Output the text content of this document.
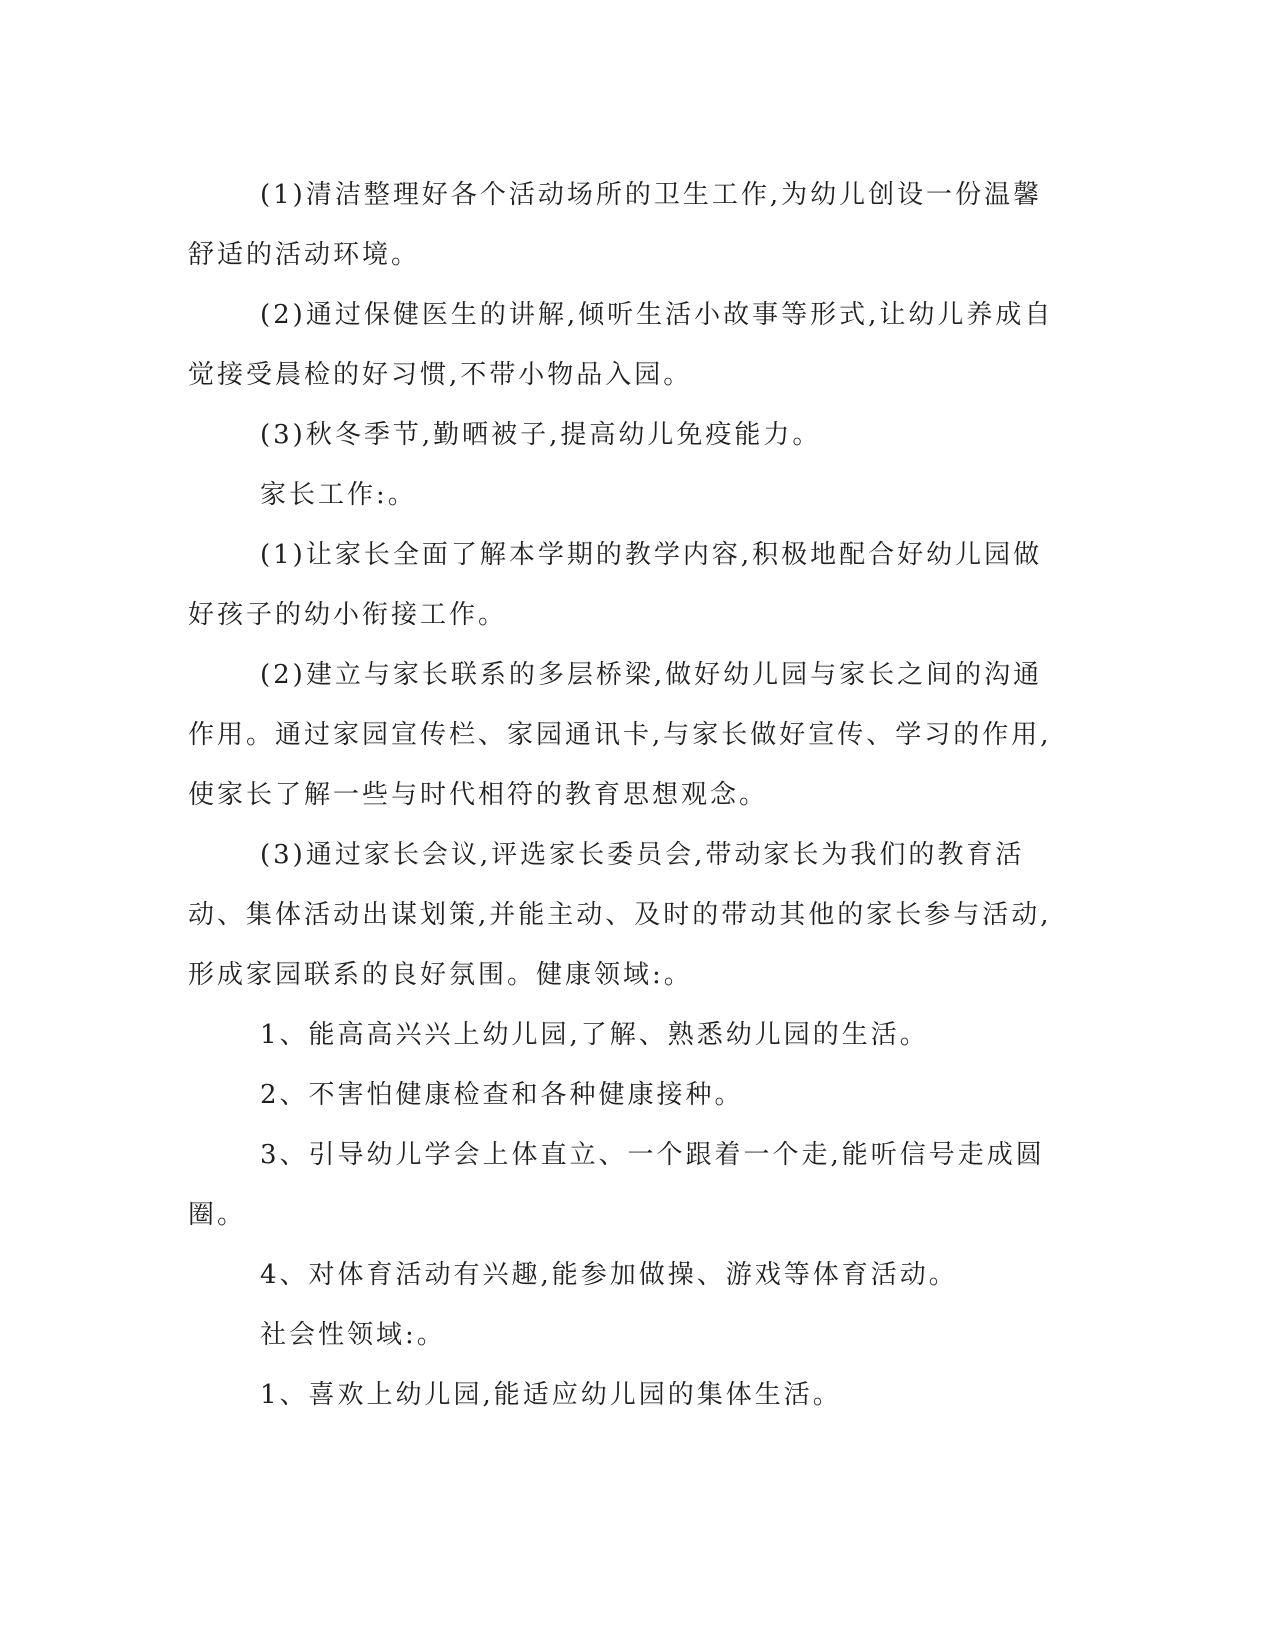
(1)清洁整理好各个活动场所的卫生工作,为幼儿创设一份温馨舒适的活动环境。

(2)通过保健医生的讲解,倾听生活小故事等形式,让幼儿养成自觉接受晨检的好习惯,不带小物品入园。

(3)秋冬季节,勤晒被子,提高幼儿免疫能力。

家长工作:。

(1)让家长全面了解本学期的教学内容,积极地配合好幼儿园做好孩子的幼小衔接工作。

(2)建立与家长联系的多层桥梁,做好幼儿园与家长之间的沟通作用。通过家园宣传栏、家园通讯卡,与家长做好宣传、学习的作用,使家长了解一些与时代相符的教育思想观念。

(3)通过家长会议,评选家长委员会,带动家长为我们的教育活动、集体活动出谋划策,并能主动、及时的带动其他的家长参与活动,形成家园联系的良好氛围。健康领域:。

1、能高高兴兴上幼儿园,了解、熟悉幼儿园的生活。

2、不害怕健康检查和各种健康接种。

3、引导幼儿学会上体直立、一个跟着一个走,能听信号走成圆圈。

4、对体育活动有兴趣,能参加做操、游戏等体育活动。

社会性领域:。

1、喜欢上幼儿园,能适应幼儿园的集体生活。
